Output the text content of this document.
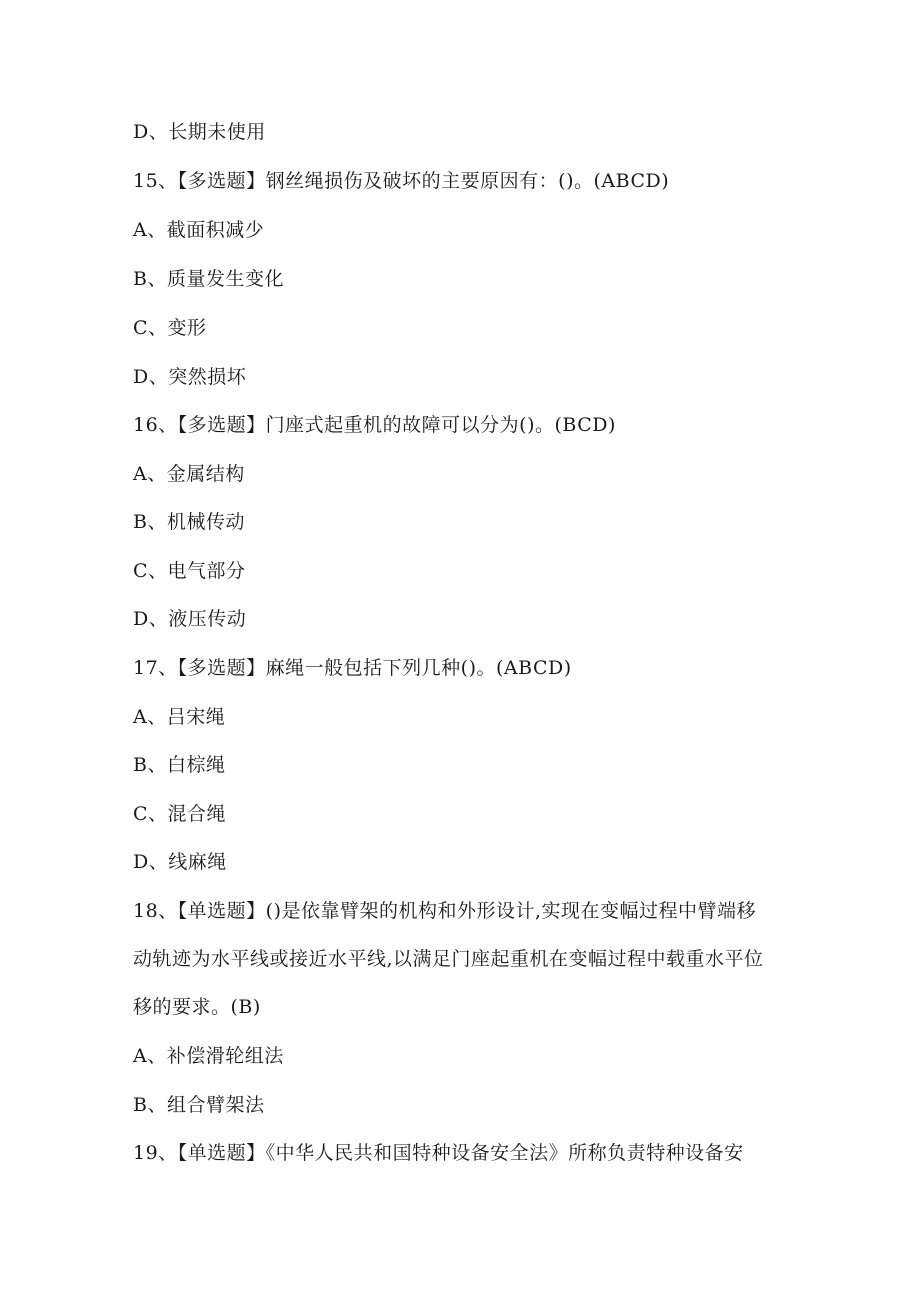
D、长期未使用
15、【多选题】钢丝绳损伤及破坏的主要原因有：()。(ABCD)
A、截面积减少
B、质量发生变化
C、变形
D、突然损坏
16、【多选题】门座式起重机的故障可以分为()。(BCD)
A、金属结构
B、机械传动
C、电气部分
D、液压传动
17、【多选题】麻绳一般包括下列几种()。(ABCD)
A、吕宋绳
B、白棕绳
C、混合绳
D、线麻绳
18、【单选题】()是依靠臂架的机构和外形设计,实现在变幅过程中臂端移
动轨迹为水平线或接近水平线,以满足门座起重机在变幅过程中载重水平位
移的要求。(B)
A、补偿滑轮组法
B、组合臂架法
19、【单选题】《中华人民共和国特种设备安全法》所称负责特种设备安
